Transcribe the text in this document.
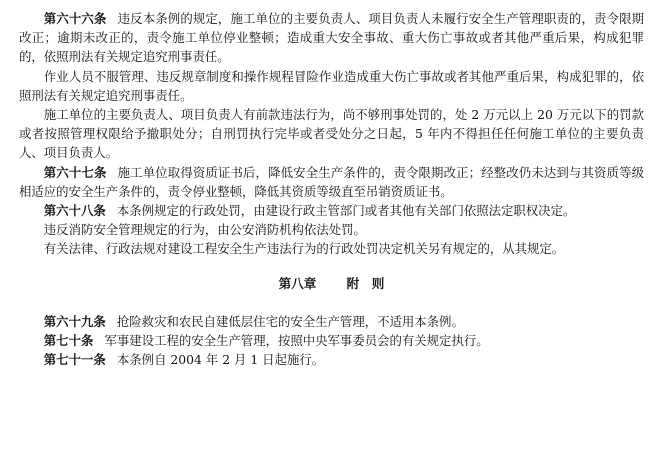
第六十六条 违反本条例的规定，施工单位的主要负责人、项目负责人未履行安全生产管理职责的，责令限期改正；逾期未改正的，责令施工单位停业整顿；造成重大安全事故、重大伤亡事故或者其他严重后果，构成犯罪的，依照刑法有关规定追究刑事责任。

作业人员不服管理、违反规章制度和操作规程冒险作业造成重大伤亡事故或者其他严重后果，构成犯罪的，依照刑法有关规定追究刑事责任。

施工单位的主要负责人、项目负责人有前款违法行为，尚不够刑事处罚的，处 2 万元以上 20 万元以下的罚款或者按照管理权限给予撤职处分；自刑罚执行完毕或者受处分之日起，5 年内不得担任任何施工单位的主要负责人、项目负责人。

第六十七条 施工单位取得资质证书后，降低安全生产条件的，责令限期改正；经整改仍未达到与其资质等级相适应的安全生产条件的，责令停业整顿，降低其资质等级直至吊销资质证书。

第六十八条 本条例规定的行政处罚，由建设行政主管部门或者其他有关部门依照法定职权决定。

违反消防安全管理规定的行为，由公安消防机构依法处罚。

有关法律、行政法规对建设工程安全生产违法行为的行政处罚决定机关另有规定的，从其规定。

第八章 附　则

第六十九条 抢险救灾和农民自建低层住宅的安全生产管理，不适用本条例。

第七十条 军事建设工程的安全生产管理，按照中央军事委员会的有关规定执行。

第七十一条 本条例自 2004 年 2 月 1 日起施行。
